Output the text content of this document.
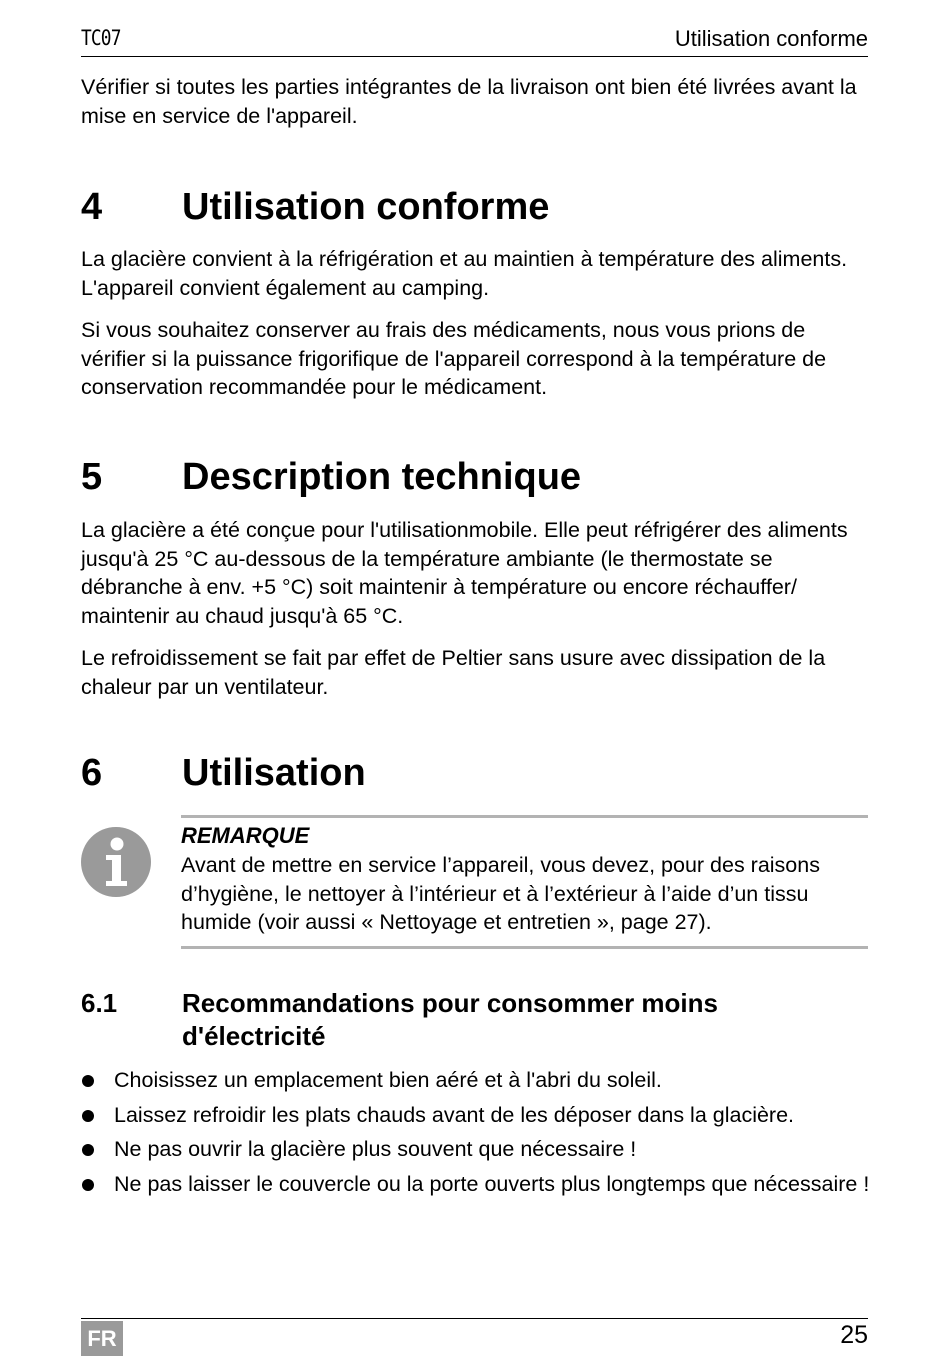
TC07	Utilisation conforme

Vérifier si toutes les parties intégrantes de la livraison ont bien été livrées avant la mise en service de l'appareil.

4 Utilisation conforme

La glacière convient à la réfrigération et au maintien à température des aliments. L'appareil convient également au camping.

Si vous souhaitez conserver au frais des médicaments, nous vous prions de vérifier si la puissance frigorifique de l'appareil correspond à la température de conservation recommandée pour le médicament.

5 Description technique

La glacière a été conçue pour l'utilisationmobile. Elle peut réfrigérer des aliments jusqu'à 25 °C au-dessous de la température ambiante (le thermostate se débranche à env. +5 °C) soit maintenir à température ou encore réchauffer/ maintenir au chaud jusqu'à 65 °C.

Le refroidissement se fait par effet de Peltier sans usure avec dissipation de la chaleur par un ventilateur.

6 Utilisation
REMARQUE
Avant de mettre en service l’appareil, vous devez, pour des raisons d’hygiène, le nettoyer à l’intérieur et à l’extérieur à l’aide d’un tissu humide (voir aussi « Nettoyage et entretien », page 27).
6.1 Recommandations pour consommer moins d'électricité
Choisissez un emplacement bien aéré et à l'abri du soleil.
Laissez refroidir les plats chauds avant de les déposer dans la glacière.
Ne pas ouvrir la glacière plus souvent que nécessaire !
Ne pas laisser le couvercle ou la porte ouverts plus longtemps que nécessaire !
FR	25
